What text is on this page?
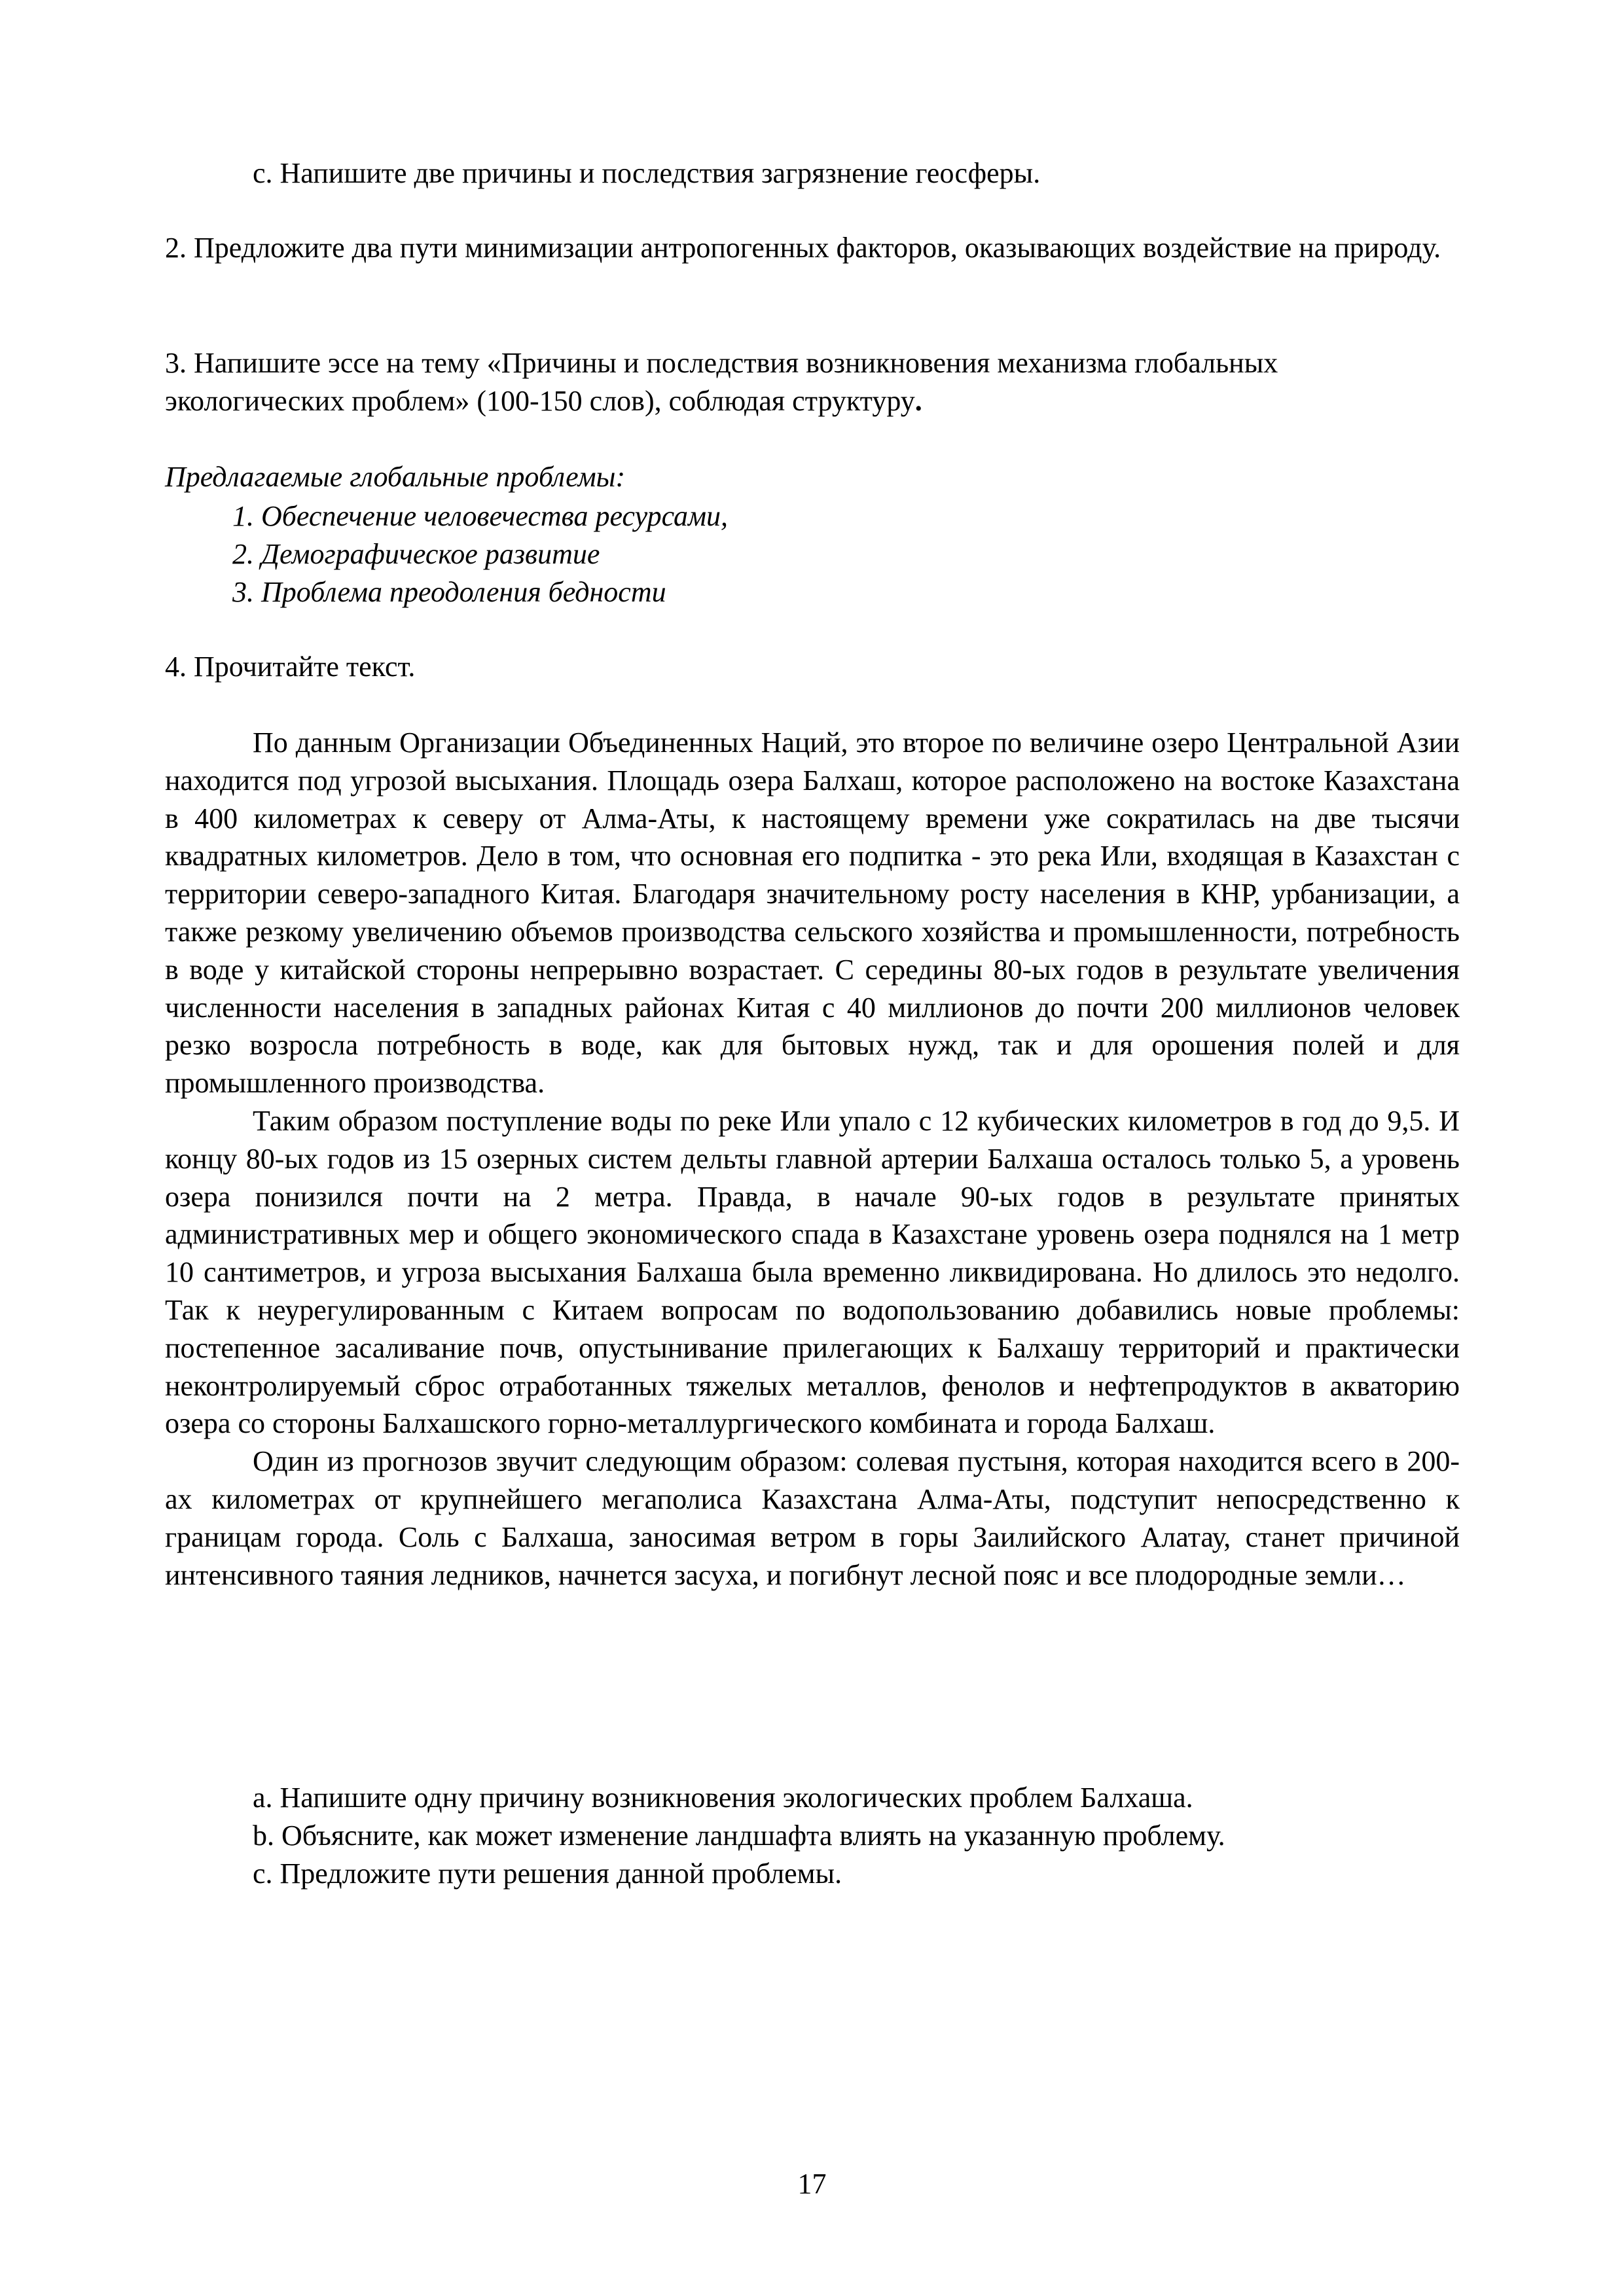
c. Напишите две причины и последствия загрязнение геосферы.
2. Предложите два пути минимизации антропогенных факторов, оказывающих воздействие на природу.
3. Напишите эссе на тему «Причины и последствия возникновения механизма глобальных экологических проблем» (100-150 слов), соблюдая структуру.
Предлагаемые глобальные проблемы:
1. Обеспечение человечества ресурсами,
2. Демографическое развитие
3. Проблема преодоления бедности
4. Прочитайте текст.

По данным Организации Объединенных Наций, это второе по величине озеро Центральной Азии находится под угрозой высыхания. Площадь озера Балхаш, которое расположено на востоке Казахстана в 400 километрах к северу от Алма-Аты, к настоящему времени уже сократилась на две тысячи квадратных километров. Дело в том, что основная его подпитка - это река Или, входящая в Казахстан с территории северо-западного Китая. Благодаря значительному росту населения в КНР, урбанизации, а также резкому увеличению объемов производства сельского хозяйства и промышленности, потребность в воде у китайской стороны непрерывно возрастает. С середины 80-ых годов в результате увеличения численности населения в западных районах Китая с 40 миллионов до почти 200 миллионов человек резко возросла потребность в воде, как для бытовых нужд, так и для орошения полей и для промышленного производства.

Таким образом поступление воды по реке Или упало с 12 кубических километров в год до 9,5. И концу 80-ых годов из 15 озерных систем дельты главной артерии Балхаша осталось только 5, а уровень озера понизился почти на 2 метра. Правда, в начале 90-ых годов в результате принятых административных мер и общего экономического спада в Казахстане уровень озера поднялся на 1 метр 10 сантиметров, и угроза высыхания Балхаша была временно ликвидирована. Но длилось это недолго. Так к неурегулированным с Китаем вопросам по водопользованию добавились новые проблемы: постепенное засаливание почв, опустынивание прилегающих к Балхашу территорий и практически неконтролируемый сброс отработанных тяжелых металлов, фенолов и нефтепродуктов в акваторию озера со стороны Балхашского горно-металлургического комбината и города Балхаш.

Один из прогнозов звучит следующим образом: солевая пустыня, которая находится всего в 200-ах километрах от крупнейшего мегаполиса Казахстана Алма-Аты, подступит непосредственно к границам города. Соль с Балхаша, заносимая ветром в горы Заилийского Алатау, станет причиной интенсивного таяния ледников, начнется засуха, и погибнут лесной пояс и все плодородные земли…

a. Напишите одну причину возникновения экологических проблем Балхаша.
b. Объясните, как может изменение ландшафта влиять на указанную проблему.
c. Предложите пути решения данной проблемы.
17
